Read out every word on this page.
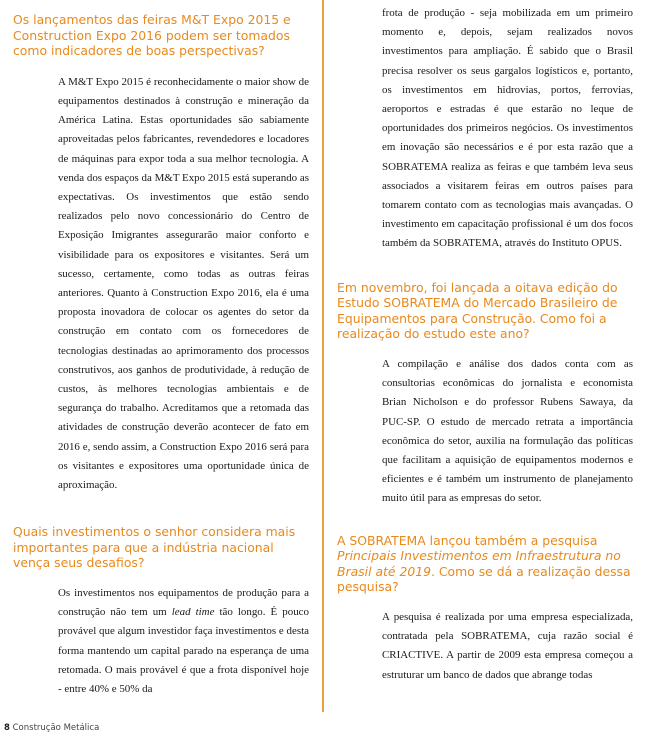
Os lançamentos das feiras M&T Expo 2015 e Construction Expo 2016 podem ser tomados como indicadores de boas perspectivas?

A M&T Expo 2015 é reconhecidamente o maior show de equipamentos destinados à construção e mineração da América Latina. Estas oportunidades são sabiamente aproveitadas pelos fabricantes, revendedores e locadores de máquinas para expor toda a sua melhor tecnologia. A venda dos espaços da M&T Expo 2015 está superando as expectativas. Os investimentos que estão sendo realizados pelo novo concessionário do Centro de Exposição Imigrantes assegurarão maior conforto e visibilidade para os expositores e visitantes. Será um sucesso, certamente, como todas as outras feiras anteriores. Quanto à Construction Expo 2016, ela é uma proposta inovadora de colocar os agentes do setor da construção em contato com os fornecedores de tecnologias destinadas ao aprimoramento dos processos construtivos, aos ganhos de produtividade, à redução de custos, às melhores tecnologias ambientais e de segurança do trabalho. Acreditamos que a retomada das atividades de construção deverão acontecer de fato em 2016 e, sendo assim, a Construction Expo 2016 será para os visitantes e expositores uma oportunidade única de aproximação.

Quais investimentos o senhor considera mais importantes para que a indústria nacional vença seus desafios?

Os investimentos nos equipamentos de produção para a construção não tem um lead time tão longo. É pouco provável que algum investidor faça investimentos e desta forma mantendo um capital parado na esperança de uma retomada. O mais provável é que a frota disponível hoje - entre 40% e 50% da

frota de produção - seja mobilizada em um primeiro momento e, depois, sejam realizados novos investimentos para ampliação. É sabido que o Brasil precisa resolver os seus gargalos logísticos e, portanto, os investimentos em hidrovias, portos, ferrovias, aeroportos e estradas é que estarão no leque de oportunidades dos primeiros negócios. Os investimentos em inovação são necessários e é por esta razão que a SOBRATEMA realiza as feiras e que também leva seus associados a visitarem feiras em outros países para tomarem contato com as tecnologias mais avançadas. O investimento em capacitação profissional é um dos focos também da SOBRATEMA, através do Instituto OPUS.

Em novembro, foi lançada a oitava edição do Estudo SOBRATEMA do Mercado Brasileiro de Equipamentos para Construção. Como foi a realização do estudo este ano?

A compilação e análise dos dados conta com as consultorias econômicas do jornalista e economista Brian Nicholson e do professor Rubens Sawaya, da PUC-SP. O estudo de mercado retrata a importância econômica do setor, auxilia na formulação das políticas que facilitam a aquisição de equipamentos modernos e eficientes e é também um instrumento de planejamento muito útil para as empresas do setor.

A SOBRATEMA lançou também a pesquisa Principais Investimentos em Infraestrutura no Brasil até 2019. Como se dá a realização dessa pesquisa?

A pesquisa é realizada por uma empresa especializada, contratada pela SOBRATEMA, cuja razão social é CRIACTIVE. A partir de 2009 esta empresa começou a estruturar um banco de dados que abrange todas

8 Construção Metálica
